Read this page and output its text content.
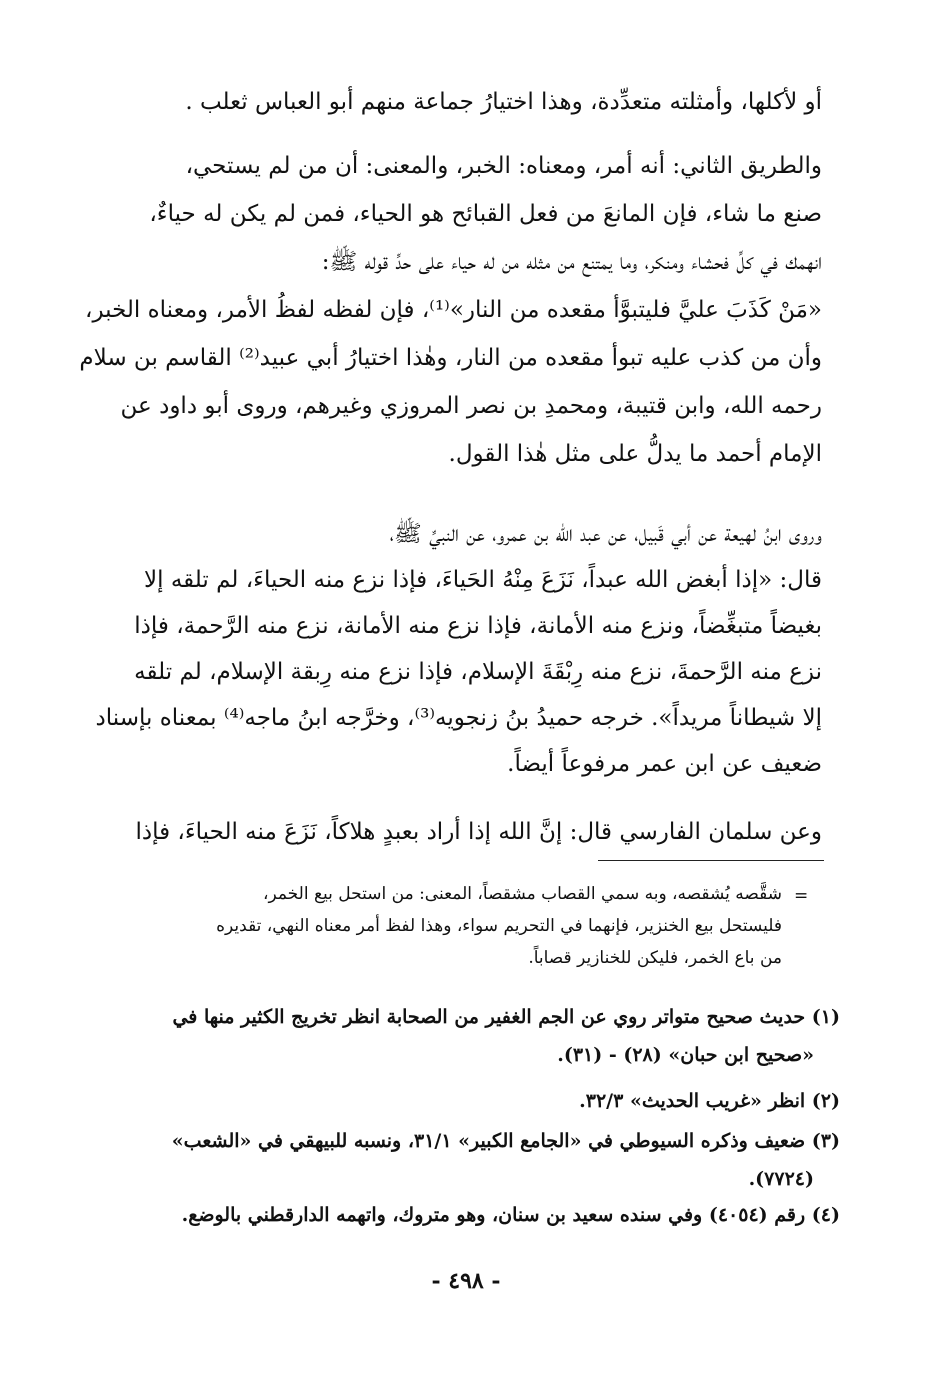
أو لأكلها، وأمثلته متعدِّدة، وهذا اختيارُ جماعة منهم أبو العباس ثعلب .
والطريق الثاني: أنه أمر، ومعناه: الخبر، والمعنى: أن من لم يستحي،
صنع ما شاء، فإن المانعَ من فعل القبائح هو الحياء، فمن لم يكن له حياءٌ،
انهمك في كلِّ فحشاء ومنكر، وما يمتنع من مثله من له حياء على حدِّ قوله ﷺ:
«مَنْ كَذَبَ عليَّ فليتبوَّأ مقعده من النار»⁽¹⁾، فإن لفظه لفظُ الأمر، ومعناه الخبر،
وأن من كذب عليه تبوأ مقعده من النار، وهٰذا اختيارُ أبي عبيد⁽²⁾ القاسم بن سلام
رحمه الله، وابن قتيبة، ومحمدِ بن نصر المروزي وغيرهم، وروى أبو داود عن
الإمام أحمد ما يدلُّ على مثل هٰذا القول.
وروى ابنُ لهيعة عن أبي قَبيل، عن عبد الله بن عمرو، عن النبيِّ ﷺ،
قال: «إذا أبغض الله عبداً، نَزَعَ مِنْهُ الحَياءَ، فإذا نزع منه الحياءَ، لم تلقه إلا
بغيضاً متبغِّضاً، ونزع منه الأمانة، فإذا نزع منه الأمانة، نزع منه الرَّحمة، فإذا
نزع منه الرَّحمةَ، نزع منه رِبْقَةَ الإسلام، فإذا نزع منه رِبقة الإسلام، لم تلقه
إلا شيطاناً مريداً». خرجه حميدُ بنُ زنجويه⁽³⁾، وخرَّجه ابنُ ماجه⁽⁴⁾ بمعناه بإسناد
ضعيف عن ابن عمر مرفوعاً أيضاً.
وعن سلمان الفارسي قال: إنَّ الله إذا أراد بعبدٍ هلاكاً، نَزَعَ منه الحياءَ، فإذا
=
شقَّصه يُشقصه، وبه سمي القصاب مشقصاً، المعنى: من استحل بيع الخمر،
فليستحل بيع الخنزير، فإنهما في التحريم سواء، وهذا لفظ أمر معناه النهي، تقديره
من باع الخمر، فليكن للخنازير قصاباً.
(١) حديث صحيح متواتر روي عن الجم الغفير من الصحابة انظر تخريج الكثير منها في
«صحيح ابن حبان» (٢٨) - (٣١).
(٢) انظر «غريب الحديث» ٣٢/٣.
(٣) ضعيف وذكره السيوطي في «الجامع الكبير» ٣١/١، ونسبه للبيهقي في «الشعب»
(٧٧٢٤).
(٤) رقم (٤٠٥٤) وفي سنده سعيد بن سنان، وهو متروك، واتهمه الدارقطني بالوضع.
- ٤٩٨ -
